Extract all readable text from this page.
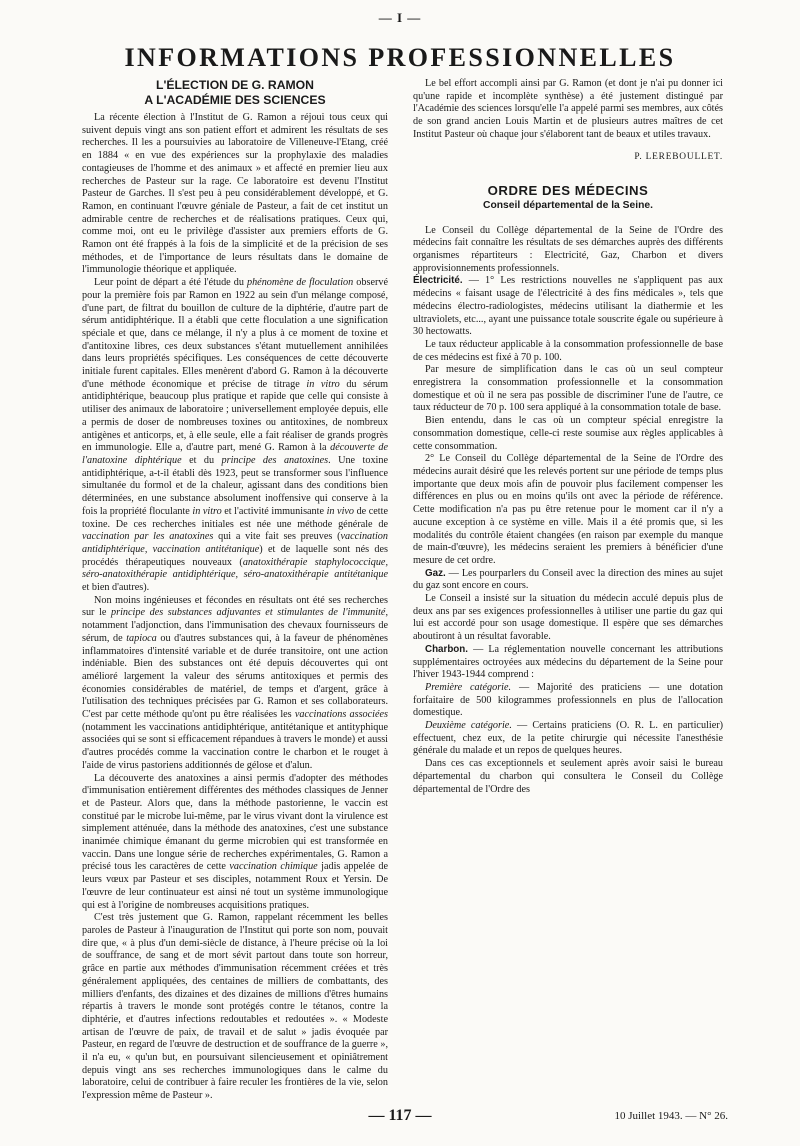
— I —
INFORMATIONS PROFESSIONNELLES
L'ÉLECTION DE G. RAMON
A L'ACADÉMIE DES SCIENCES

La récente élection à l'Institut de G. Ramon a réjoui tous ceux qui suivent depuis vingt ans son patient effort et admirent les résultats de ses recherches. Il les a poursuivies au laboratoire de Villeneuve-l'Etang, créé en 1884 « en vue des expériences sur la prophylaxie des maladies contagieuses de l'homme et des animaux » et affecté en premier lieu aux recherches de Pasteur sur la rage. Ce laboratoire est devenu l'Institut Pasteur de Garches. Il s'est peu à peu considérablement développé, et G. Ramon, en continuant l'œuvre géniale de Pasteur, a fait de cet institut un admirable centre de recherches et de réalisations pratiques. Ceux qui, comme moi, ont eu le privilège d'assister aux premiers efforts de G. Ramon ont été frappés à la fois de la simplicité et de la précision de ses méthodes, et de l'importance de leurs résultats dans le domaine de l'immunologie théorique et appliquée.

Leur point de départ a été l'étude du phénomène de floculation observé pour la première fois par Ramon en 1922 au sein d'un mélange composé, d'une part, de filtrat du bouillon de culture de la diphtérie, d'autre part de sérum antidiphtérique. Il a établi que cette floculation a une signification spéciale et que, dans ce mélange, il n'y a plus à ce moment de toxine et d'antitoxine libres, ces deux substances s'étant mutuellement annihilées dans leurs propriétés spécifiques. Les conséquences de cette découverte initiale furent capitales. Elles menèrent d'abord G. Ramon à la découverte d'une méthode économique et précise de titrage in vitro du sérum antidiphtérique, beaucoup plus pratique et rapide que celle qui consiste à utiliser des animaux de laboratoire ; universellement employée depuis, elle a permis de doser de nombreuses toxines ou antitoxines, de nombreux antigènes et anticorps, et, à elle seule, elle a fait réaliser de grands progrès en immunologie. Elle a, d'autre part, mené G. Ramon à la découverte de l'anatoxine diphtérique et du principe des anatoxines. Une toxine antidiphtérique, a-t-il établi dès 1923, peut se transformer sous l'influence simultanée du formol et de la chaleur, agissant dans des conditions bien déterminées, en une substance absolument inoffensive qui conserve à la fois la propriété floculante in vitro et l'activité immunisante in vivo de cette toxine. De ces recherches initiales est née une méthode générale de vaccination par les anatoxines qui a vite fait ses preuves (vaccination antidiphtérique, vaccination antitétanique) et de laquelle sont nés des procédés thérapeutiques nouveaux (anatoxithérapie staphylococcique, séro-anatoxithérapie antidiphtérique, séro-anatoxithérapie antitétanique et bien d'autres).

Non moins ingénieuses et fécondes en résultats ont été ses recherches sur le principe des substances adjuvantes et stimulantes de l'immunité, notamment l'adjonction, dans l'immunisation des chevaux fournisseurs de sérum, de tapioca ou d'autres substances qui, à la faveur de phénomènes inflammatoires d'intensité variable et de durée transitoire, ont une action indéniable. Bien des substances ont été depuis découvertes qui ont amélioré largement la valeur des sérums antitoxiques et permis des économies considérables de matériel, de temps et d'argent, grâce à l'utilisation des techniques précisées par G. Ramon et ses collaborateurs. C'est par cette méthode qu'ont pu être réalisées les vaccinations associées (notamment les vaccinations antidiphtérique, antitétanique et antityphique associées qui se sont si efficacement répandues à travers le monde) et aussi d'autres procédés comme la vaccination contre le charbon et le rouget à l'aide de virus pastoriens additionnés de gélose et d'alun.

La découverte des anatoxines a ainsi permis d'adopter des méthodes d'immunisation entièrement différentes des méthodes classiques de Jenner et de Pasteur. Alors que, dans la méthode pastorienne, le vaccin est constitué par le microbe lui-même, par le virus vivant dont la virulence est simplement atténuée, dans la méthode des anatoxines, c'est une substance inanimée chimique émanant du germe microbien qui est transformée en vaccin. Dans une longue série de recherches expérimentales, G. Ramon a précisé tous les caractères de cette vaccination chimique jadis appelée de leurs vœux par Pasteur et ses disciples, notamment Roux et Yersin. De l'œuvre de leur continuateur est ainsi né tout un système immunologique qui est à l'origine de nombreuses acquisitions pratiques.

C'est très justement que G. Ramon, rappelant récemment les belles paroles de Pasteur à l'inauguration de l'Institut qui porte son nom, pouvait dire que, « à plus d'un demi-siècle de distance, à l'heure précise où la loi de souffrance, de sang et de mort sévit partout dans toute son horreur, grâce en partie aux méthodes d'immunisation récemment créées et très généralement appliquées, des centaines de milliers de combattants, des milliers d'enfants, des dizaines et des dizaines de millions d'êtres humains répartis à travers le monde sont protégés contre le tétanos, contre la diphtérie, et d'autres infections redoutables et redoutées ». « Modeste artisan de l'œuvre de paix, de travail et de salut » jadis évoquée par Pasteur, en regard de l'œuvre de destruction et de souffrance de la guerre », il n'a eu, « qu'un but, en poursuivant silencieusement et opiniâtrement depuis vingt ans ses recherches immunologiques dans le calme du laboratoire, celui de contribuer à faire reculer les frontières de la vie, selon l'expression même de Pasteur ».

Le bel effort accompli ainsi par G. Ramon (et dont je n'ai pu donner ici qu'une rapide et incomplète synthèse) a été justement distingué par l'Académie des sciences lorsqu'elle l'a appelé parmi ses membres, aux côtés de son grand ancien Louis Martin et de plusieurs autres maîtres de cet Institut Pasteur où chaque jour s'élaborent tant de beaux et utiles travaux.

P. LEREBOULLET.
ORDRE DES MÉDECINS
Conseil départemental de la Seine.

Le Conseil du Collège départemental de la Seine de l'Ordre des médecins fait connaître les résultats de ses démarches auprès des différents organismes répartiteurs : Electricité, Gaz, Charbon et divers approvisionnements professionnels.

Électricité. — 1° Les restrictions nouvelles ne s'appliquent pas aux médecins « faisant usage de l'électricité à des fins médicales », tels que médecins électro-radiologistes, médecins utilisant la diathermie et les ultraviolets, etc..., ayant une puissance totale souscrite égale ou supérieure à 30 hectowatts.

Le taux réducteur applicable à la consommation professionnelle de base de ces médecins est fixé à 70 p. 100.

Par mesure de simplification dans le cas où un seul compteur enregistrera la consommation professionnelle et la consommation domestique et où il ne sera pas possible de discriminer l'une de l'autre, ce taux réducteur de 70 p. 100 sera appliqué à la consommation totale de base.

Bien entendu, dans le cas où un compteur spécial enregistre la consommation domestique, celle-ci reste soumise aux règles applicables à cette consommation.

2° Le Conseil du Collège départemental de la Seine de l'Ordre des médecins aurait désiré que les relevés portent sur une période de temps plus importante que deux mois afin de pouvoir plus facilement compenser les différences en plus ou en moins qu'ils ont avec la période de référence. Cette modification n'a pas pu être retenue pour le moment car il n'y a aucune exception à ce système en ville. Mais il a été promis que, si les modalités du contrôle étaient changées (en raison par exemple du manque de main-d'œuvre), les médecins seraient les premiers à bénéficier d'une mesure de cet ordre.

Gaz. — Les pourparlers du Conseil avec la direction des mines au sujet du gaz sont encore en cours.

Le Conseil a insisté sur la situation du médecin acculé depuis plus de deux ans par ses exigences professionnelles à utiliser une partie du gaz qui lui est accordé pour son usage domestique. Il espère que ses démarches aboutiront à un résultat favorable.

Charbon. — La réglementation nouvelle concernant les attributions supplémentaires octroyées aux médecins du département de la Seine pour l'hiver 1943-1944 comprend :

Première catégorie. — Majorité des praticiens — une dotation forfaitaire de 500 kilogrammes professionnels en plus de l'allocation domestique.

Deuxième catégorie. — Certains praticiens (O. R. L. en particulier) effectuent, chez eux, de la petite chirurgie qui nécessite l'anesthésie générale du malade et un repos de quelques heures.

Dans ces cas exceptionnels et seulement après avoir saisi le bureau départemental du charbon qui consultera le Conseil du Collège départemental de l'Ordre des

— 117 —	10 Juillet 1943. — N° 26.
